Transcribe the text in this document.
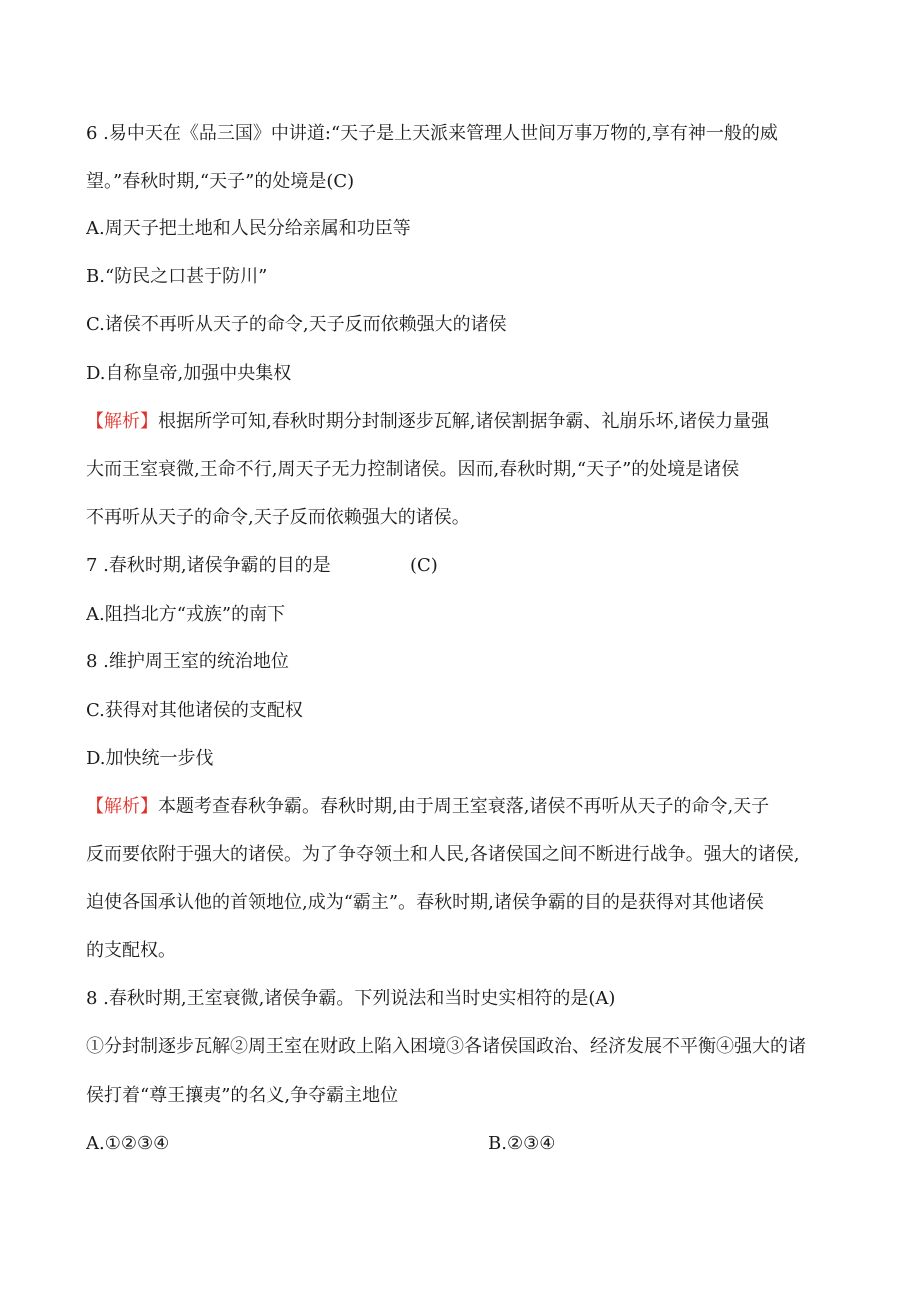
6 .易中天在《品三国》中讲道:“天子是上天派来管理人世间万事万物的,享有神一般的威
望。”春秋时期,“天子”的处境是(C)
A.周天子把土地和人民分给亲属和功臣等
B.“防民之口甚于防川”
C.诸侯不再听从天子的命令,天子反而依赖强大的诸侯
D.自称皇帝,加强中央集权
【解析】根据所学可知,春秋时期分封制逐步瓦解,诸侯割据争霸、礼崩乐坏,诸侯力量强
大而王室衰微,王命不行,周天子无力控制诸侯。因而,春秋时期,“天子”的处境是诸侯
不再听从天子的命令,天子反而依赖强大的诸侯。
7 .春秋时期,诸侯争霸的目的是	(C)
A.阻挡北方“戎族”的南下
8 .维护周王室的统治地位
C.获得对其他诸侯的支配权
D.加快统一步伐
【解析】本题考查春秋争霸。春秋时期,由于周王室衰落,诸侯不再听从天子的命令,天子
反而要依附于强大的诸侯。为了争夺领土和人民,各诸侯国之间不断进行战争。强大的诸侯,
迫使各国承认他的首领地位,成为“霸主”。春秋时期,诸侯争霸的目的是获得对其他诸侯
的支配权。
8 .春秋时期,王室衰微,诸侯争霸。下列说法和当时史实相符的是(A)
①分封制逐步瓦解②周王室在财政上陷入困境③各诸侯国政治、经济发展不平衡④强大的诸
侯打着“尊王攘夷”的名义,争夺霸主地位
A.①②③④	B.②③④
